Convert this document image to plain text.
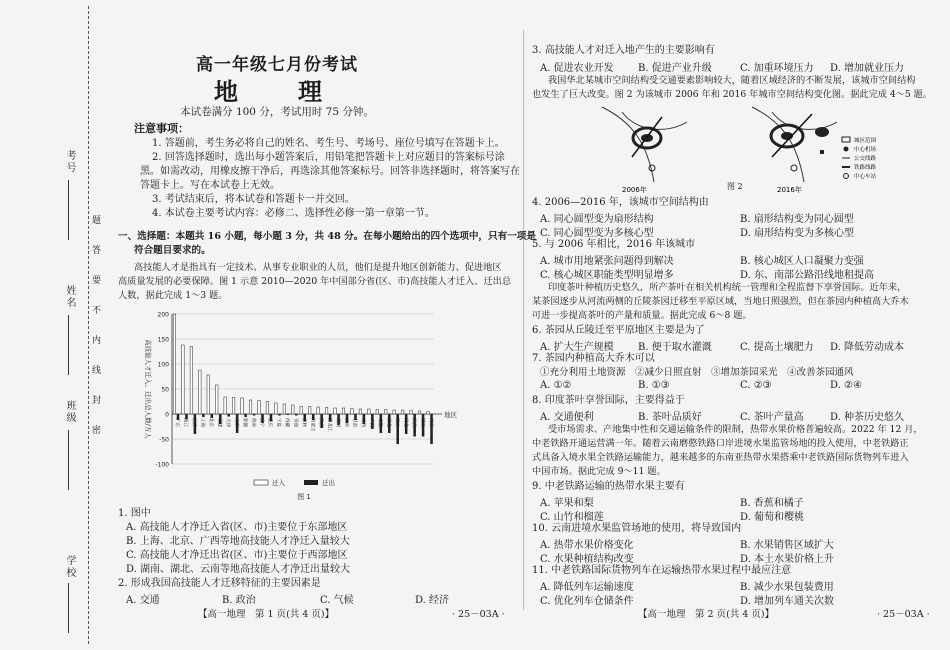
考号
姓名
班级
学校
题
答
要
不
内
线
封
密
高一年级七月份考试
地　理
本试卷满分 100 分，考试用时 75 分钟。
注意事项：
1. 答题前，考生务必将自己的姓名、考生号、考场号、座位号填写在答题卡上。
2. 回答选择题时，选出每小题答案后，用铅笔把答题卡上对应题目的答案标号涂
黑。如需改动，用橡皮擦干净后，再选涂其他答案标号。回答非选择题时，将答案写在
答题卡上。写在本试卷上无效。
3. 考试结束后，将本试卷和答题卡一并交回。
4. 本试卷主要考试内容：必修二、选择性必修一第一章第一节。
一、选择题：本题共 16 小题，每小题 3 分，共 48 分。在每小题给出的四个选项中，只有一项是
符合题目要求的。
高技能人才是指具有一定技术、从事专业职业的人员，他们是提升地区创新能力、促进地区
高质量发展的必要保障。图 1 示意 2010—2020 年中国部分省(区、市)高技能人才迁入、迁出总
人数，据此完成 1～3 题。
-100
-50
0
50
100
150
200
地区
高技能人才迁入、迁出总人数/万人	广东 浙江 江苏 上海 北京 福建 天津 山东 新疆 海南 辽宁 重庆 宁夏 西藏 青海 吉林 内蒙古 陕西 黑龙江 贵州 云南 甘肃 山西 广西 安徽 湖北 四川 河北 江西 湖南 河南
迁入	迁出
图 1
1. 图中
A. 高技能人才净迁入省(区、市)主要位于东部地区
B. 上海、北京、广西等地高技能人才净迁入量较大
C. 高技能人才净迁出省(区、市)主要位于西部地区
D. 湖南、湖北、云南等地高技能人才净迁出量较大
2. 形成我国高技能人才迁移特征的主要因素是
A. 交通	B. 政治	C. 气候	D. 经济
【高一地理　第 1 页(共 4 页)】	· 25－03A ·
3. 高技能人才对迁入地产生的主要影响有
A. 促进农业开发 B. 促进产业升级	C. 加重环境压力 D. 增加就业压力
我国华北某城市空间结构受交通要素影响较大，随着区域经济的不断发展，该城市空间结构
也发生了巨大改变。图 2 为该城市 2006 年和 2016 年城市空间结构变化图。据此完成 4～5 题。
2006年	2016年
城区范围
中心机场
公交线路
铁路线路
中心车站
图 2
4. 2006—2016 年，该城市空间结构由
A. 同心圆型变为扇形结构	B. 扇形结构变为同心圆型
C. 同心圆型变为多核心型	D. 扇形结构变为多核心型
5. 与 2006 年相比，2016 年该城市
A. 城市用地紧张问题得到解决	B. 核心城区人口凝聚力变强
C. 核心城区职能类型明显增多	D. 东、南部公路沿线地租提高
印度茶叶种植历史悠久，所产茶叶在相关机构统一管理和全程监督下享誉国际。近年来，
某茶园逐步从河流两侧的丘陵茶园迁移至平原区域，当地日照强烈，但在茶园内种植高大乔木
可进一步提高茶叶的产量和质量。据此完成 6～8 题。
6. 茶园从丘陵迁至平原地区主要是为了
A. 扩大生产规模 B. 便于取水灌溉	C. 提高土壤肥力 D. 降低劳动成本
7. 茶园内种植高大乔木可以
①充分利用土地资源　②减少日照直射　③增加茶园采光　④改善茶园通风
A. ①②	B. ①③	C. ②③	D. ②④
8. 印度茶叶享誉国际，主要得益于
A. 交通便利	B. 茶叶品质好	C. 茶叶产量高	D. 种茶历史悠久
受市场需求、产地集中性和交通运输条件的限制，热带水果价格普遍较高。2022 年 12 月，
中老铁路开通运营满一年。随着云南磨憨铁路口岸进境水果监管场地的投入使用，中老铁路正
式具备入境水果全铁路运输能力，越来越多的东南亚热带水果搭乘中老铁路国际货物列车进入
中国市场。据此完成 9～11 题。
9. 中老铁路运输的热带水果主要有
A. 苹果和梨	B. 香蕉和橘子
C. 山竹和榴莲	D. 葡萄和樱桃
10. 云南进境水果监管场地的使用，将导致国内
A. 热带水果价格变化	B. 水果销售区域扩大
C. 水果种植结构改变	D. 本土水果价格上升
11. 中老铁路国际货物列车在运输热带水果过程中最应注意
A. 降低列车运输速度	B. 减少水果包装费用
C. 优化列车仓储条件	D. 增加列车通关次数
【高一地理　第 2 页(共 4 页)】	· 25－03A ·
